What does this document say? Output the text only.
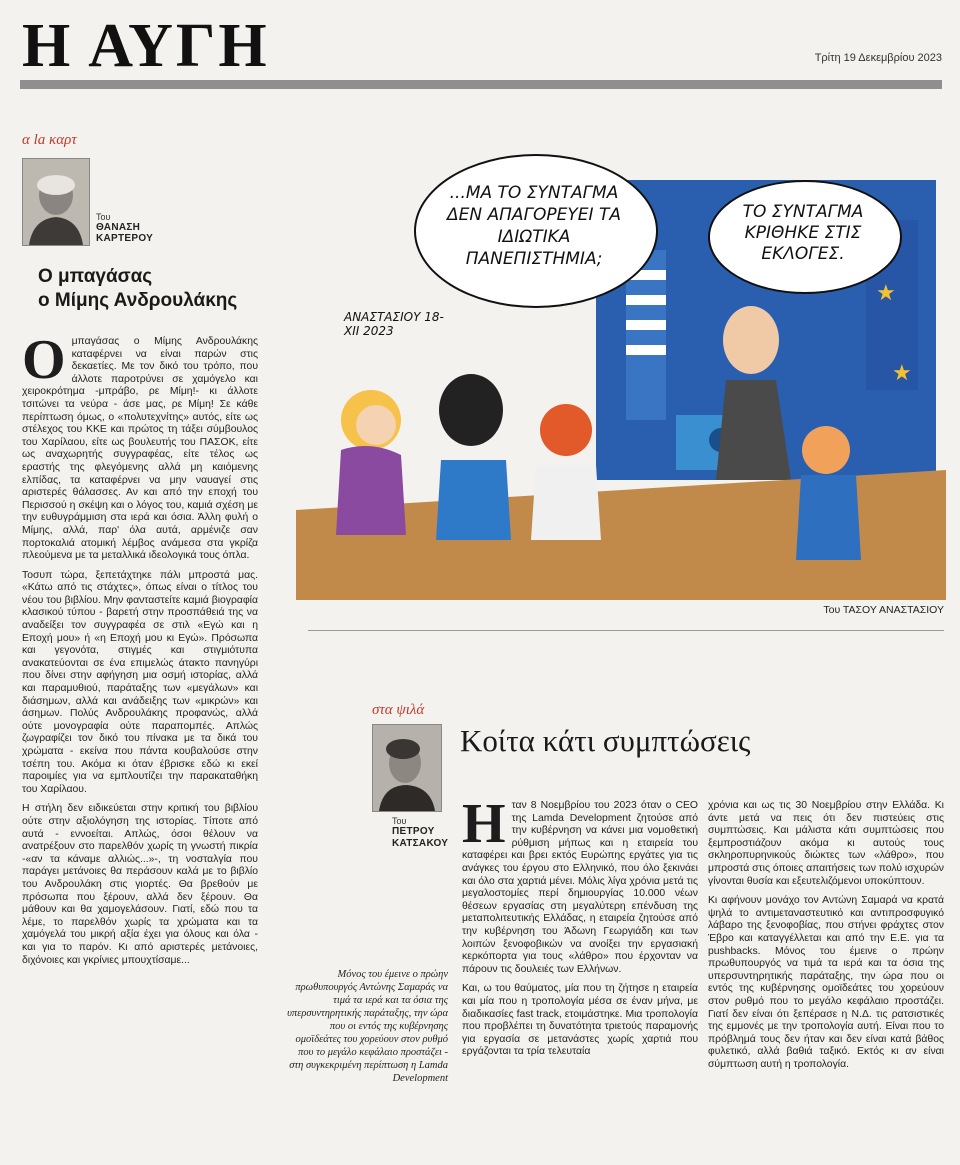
Η ΑΥΓΗ	Τρίτη 19 Δεκεμβρίου 2023
α la καρτ
Του
ΘΑΝΑΣΗ
ΚΑΡΤΕΡΟΥ
Ο μπαγάσας
ο Μίμης Ανδρουλάκης
Ο μπαγάσας ο Μίμης Ανδρουλάκης καταφέρνει να είναι παρών στις δεκαετίες. Με τον δικό του τρόπο, που άλλοτε παροτρύνει σε χαμόγελο και χειροκρότημα -μπράβο, ρε Μίμη!- κι άλλοτε τσιτώνει τα νεύρα - άσε μας, ρε Μίμη! Σε κάθε περίπτωση όμως, ο «πολυτεχνίτης» αυτός, είτε ως στέλεχος του ΚΚΕ και πρώτος τη τάξει σύμβουλος του Χαρίλαου, είτε ως βουλευτής του ΠΑΣΟΚ, είτε ως αναχωρητής συγγραφέας, είτε τέλος ως εραστής της φλεγόμενης αλλά μη καιόμενης ελπίδας, τα καταφέρνει να μην ναυαγεί στις αριστερές θάλασσες. Αν και από την εποχή του Περισσού η σκέψη και ο λόγος του, καμιά σχέση με την ευθυγράμμιση στα ιερά και όσια. Άλλη φυλή ο Μίμης, αλλά, παρ' όλα αυτά, αρμένιζε σαν πορτοκαλιά ατομική λέμβος ανάμεσα στα γκρίζα πλεούμενα με τα μεταλλικά ιδεολογικά τους όπλα.

Τοσυπ τώρα, ξεπετάχτηκε πάλι μπροστά μας. «Κάτω από τις στάχτες», όπως είναι ο τίτλος του νέου του βιβλίου. Μην φανταστείτε καμιά βιογραφία κλασικού τύπου - βαρετή στην προσπάθειά της να αναδείξει τον συγγραφέα σε στιλ «Εγώ και η Εποχή μου» ή «η Εποχή μου κι Εγώ». Πρόσωπα και γεγονότα, στιγμές και στιγμιότυπα ανακατεύονται σε ένα επιμελώς άτακτο πανηγύρι που δίνει στην αφήγηση μια οσμή ιστορίας, αλλά και παραμυθιού, παράταξης των «μεγάλων» και διάσημων, αλλά και ανάδειξης των «μικρών» και άσημων. Πολύς Ανδρουλάκης προφανώς, αλλά ούτε μονογραφία ούτε παραπομπές. Απλώς ζωγραφίζει τον δικό του πίνακα με τα δικά του χρώματα - εκείνα που πάντα κουβαλούσε στην τσέπη του. Ακόμα κι όταν έβρισκε εδώ κι εκεί παροιμίες για να εμπλουτίζει την παρακαταθήκη του Χαρίλαου.

Η στήλη δεν ειδικεύεται στην κριτική του βιβλίου ούτε στην αξιολόγηση της ιστορίας. Τίποτε από αυτά - εννοείται. Απλώς, όσοι θέλουν να ανατρέξουν στο παρελθόν χωρίς τη γνωστή πικρία -«αν τα κάναμε αλλιώς...»-, τη νοσταλγία που παράγει μετάνοιες θα περάσουν καλά με το βιβλίο του Ανδρουλάκη στις γιορτές. Θα βρεθούν με πρόσωπα που ξέρουν, αλλά δεν ξέρουν. Θα μάθουν και θα χαμογελάσουν. Γιατί, εδώ που τα λέμε, το παρελθόν χωρίς τα χρώματα και τα χαμόγελά του μικρή αξία έχει για όλους και όλα - και για το παρόν. Κι από αριστερές μετάνοιες, διχόνοιες και γκρίνιες μπουχτίσαμε...

★
★
...ΜΑ ΤΟ ΣΥΝΤΑΓΜΑ ΔΕΝ ΑΠΑΓΟΡΕΥΕΙ ΤΑ ΙΔΙΩΤΙΚΑ ΠΑΝΕΠΙΣΤΗΜΙΑ;
ΤΟ ΣΥΝΤΑΓΜΑ ΚΡΙΘΗΚΕ ΣΤΙΣ ΕΚΛΟΓΕΣ.
ΑΝΑΣΤΑΣΙΟΥ 18-XII 2023
Του ΤΑΣΟΥ ΑΝΑΣΤΑΣΙΟΥ
στα ψιλά
Του
ΠΕΤΡΟΥ
ΚΑΤΣΑΚΟΥ
Κοίτα κάτι συμπτώσεις
Μόνος του έμεινε ο πρώην πρωθυπουργός Αντώνης Σαμαράς να τιμά τα ιερά και τα όσια της υπερσυντηρητικής παράταξης, την ώρα που οι εντός της κυβέρνησης ομοϊδεάτες του χορεύουν στον ρυθμό που το μεγάλο κεφάλαιο προστάζει - στη συγκεκριμένη περίπτωση η Lamda Development
Η ταν 8 Νοεμβρίου του 2023 όταν ο CEO της Lamda Development ζητούσε από την κυβέρνηση να κάνει μια νομοθετική ρύθμιση μήπως και η εταιρεία του καταφέρει και βρει εκτός Ευρώπης εργάτες για τις ανάγκες του έργου στο Ελληνικό, που όλο ξεκινάει και όλο στα χαρτιά μένει. Μόλις λίγα χρόνια μετά τις μεγαλοστομίες περί δημιουργίας 10.000 νέων θέσεων εργασίας στη μεγαλύτερη επένδυση της μεταπολιτευτικής Ελλάδας, η εταιρεία ζητούσε από την κυβέρνηση του Άδωνη Γεωργιάδη και των λοιπών ξενοφοβικών να ανοίξει την εργασιακή κερκόπορτα για τους «λάθρο» που έρχονταν να πάρουν τις δουλειές των Ελλήνων.

Και, ω του θαύματος, μία που τη ζήτησε η εταιρεία και μία που η τροπολογία μέσα σε έναν μήνα, με διαδικασίες fast track, ετοιμάστηκε. Μια τροπολογία που προβλέπει τη δυνατότητα τριετούς παραμονής για εργασία σε μετανάστες χωρίς χαρτιά που εργάζονται τα τρία τελευταία

χρόνια και ως τις 30 Νοεμβρίου στην Ελλάδα. Κι άντε μετά να πεις ότι δεν πιστεύεις στις συμπτώσεις. Και μάλιστα κάτι συμπτώσεις που ξεμπροστιάζουν ακόμα κι αυτούς τους σκληροπυρηνικούς διώκτες των «λάθρο», που μπροστά στις όποιες απαιτήσεις των πολύ ισχυρών γίνονται θυσία και εξευτελιζόμενοι υποκύπτουν.

Κι αφήνουν μονάχο τον Αντώνη Σαμαρά να κρατά ψηλά το αντιμεταναστευτικό και αντιπροσφυγικό λάβαρο της ξενοφοβίας, που στήνει φράχτες στον Έβρο και καταγγέλλεται και από την Ε.Ε. για τα pushbacks. Μόνος του έμεινε ο πρώην πρωθυπουργός να τιμά τα ιερά και τα όσια της υπερσυντηρητικής παράταξης, την ώρα που οι εντός της κυβέρνησης ομοϊδεάτες του χορεύουν στον ρυθμό που το μεγάλο κεφάλαιο προστάζει. Γιατί δεν είναι ότι ξεπέρασε η Ν.Δ. τις ρατσιστικές της εμμονές με την τροπολογία αυτή. Είναι που το πρόβλημά τους δεν ήταν και δεν είναι κατά βάθος φυλετικό, αλλά βαθιά ταξικό. Εκτός κι αν είναι σύμπτωση αυτή η τροπολογία.
